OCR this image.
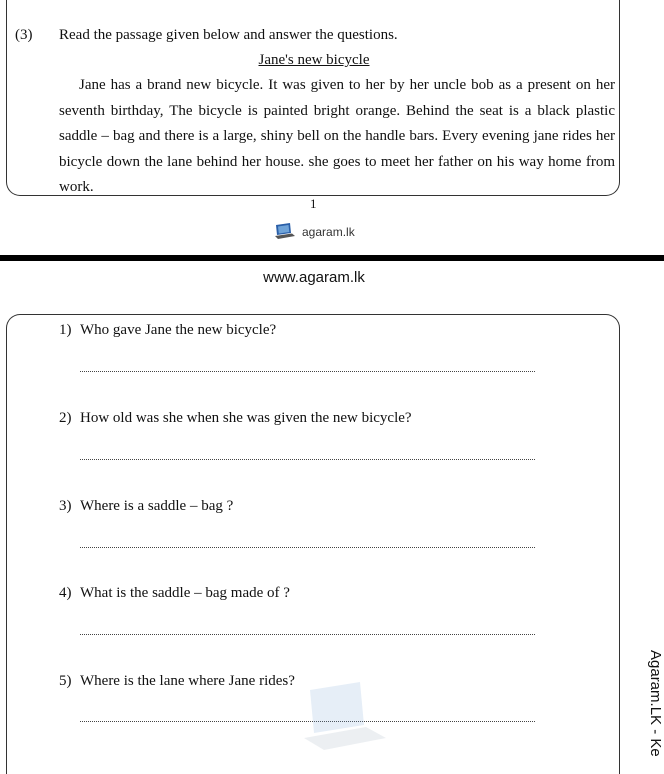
(3) Read the passage given below and answer the questions.
Jane's new bicycle
Jane has a brand new bicycle. It was given to her by her uncle bob as a present on her seventh birthday, The bicycle is painted bright orange. Behind the seat is a black plastic saddle – bag and there is a large, shiny bell on the handle bars. Every evening jane rides her bicycle down the lane behind her house. she goes to meet her father on his way home from work.
1
agaram.lk
www.agaram.lk
1) Who gave Jane the new bicycle?
2) How old was she when she was given the new bicycle?
3) Where is a saddle – bag ?
4) What is the saddle – bag made of ?
5) Where is the lane where Jane rides?	Agaram.LK - Ke
